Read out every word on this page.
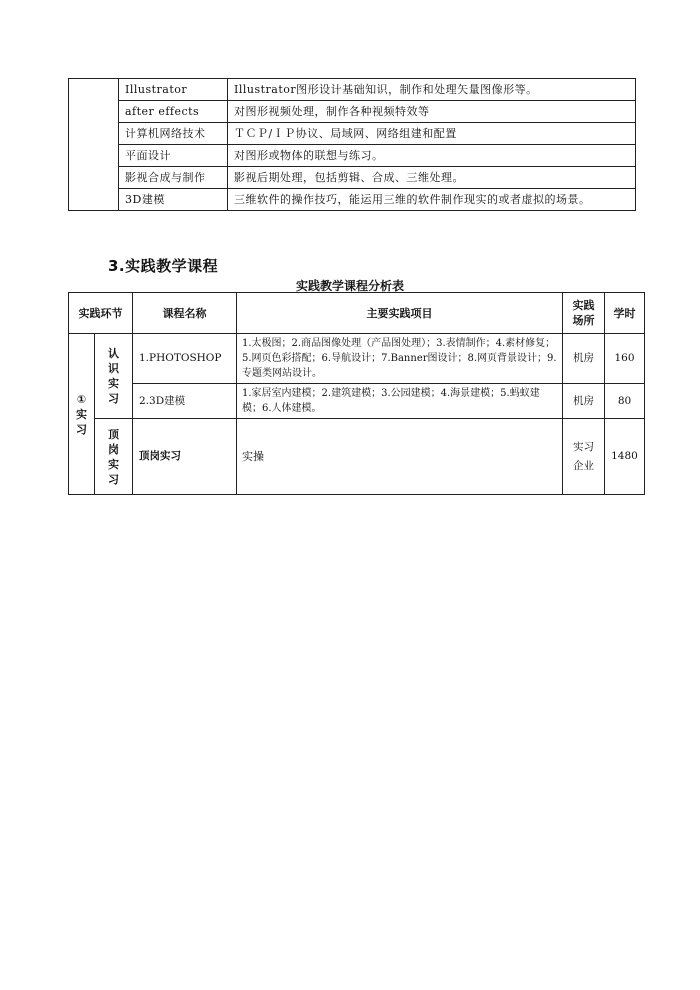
	Illustrator	Illustrator图形设计基础知识，制作和处理矢量图像形等。
	after effects	对图形视频处理，制作各种视频特效等
	计算机网络技术	ＴＣＰ/ＩＰ协议、局域网、网络组建和配置
	平面设计	对图形或物体的联想与练习。
	影视合成与制作	影视后期处理，包括剪辑、合成、三维处理。
	3D建模	三维软件的操作技巧，能运用三维的软件制作现实的或者虚拟的场景。
3.实践教学课程
实践教学课程分析表
实践环节		课程名称	主要实践项目	实践场所	学时
①实习	认识实习	1.PHOTOSHOP	1.太极图；2.商品图像处理（产品图处理）；3.表情制作；4.素材修复；5.网页色彩搭配；6.导航设计；7.Banner图设计；8.网页背景设计；9.专题类网站设计。	机房	160
		2.3D建模	1.家居室内建模；2.建筑建模；3.公园建模；4.海景建模；5.蚂蚁建模；6.人体建模。	机房	80
	顶岗实习	顶岗实习	实操	实习企业	1480
